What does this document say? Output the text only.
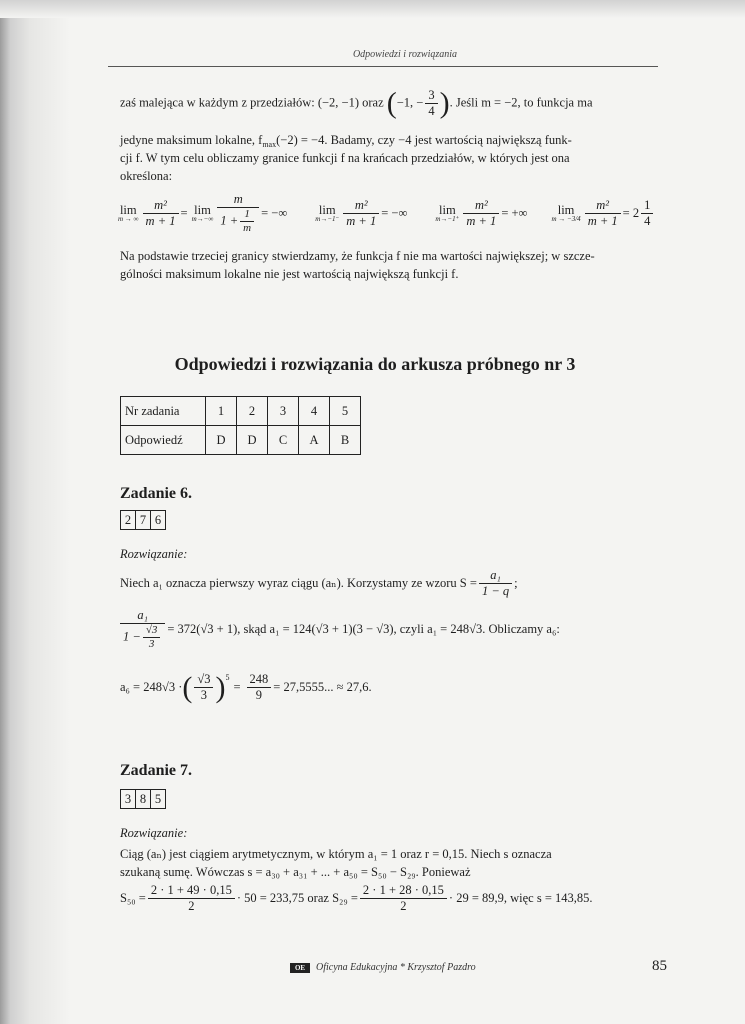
Odpowiedzi i rozwiązania
zaś malejąca w każdym z przedziałów: (−2, −1) oraz (−1, − $\frac{3}{4}$ ). Jeśli m = −2, to funkcja ma
jedyne maksimum lokalne, $f_{max}(-2) = -4$. Badamy, czy −4 jest wartością największą funk-
cji f. W tym celu obliczamy granice funkcji f na krańcach przedziałów, w których jest ona
określona:
lim
m → ∞ $\frac{\text{m²}}{m + 1} = \lim$
$m\to-\infty \frac{m}{1 + \frac{1}{m}}$ = −∞	lim
$m\to-1^- \frac{\text{m²}}{m + 1}$ = −∞	lim
$m\to-1^+ \frac{\text{m²}}{m + 1}$ = +∞	lim
$m \to -3/4 \frac{\text{m²}}{m + 1} = 2 \frac{1}{4}$
Na podstawie trzeciej granicy stwierdzamy, że funkcja f nie ma wartości największej; w szcze-
gólności maksimum lokalne nie jest wartością największą funkcji f.
Odpowiedzi i rozwiązania do arkusza próbnego nr 3
Nr zadania	1	2	3	4	5
Odpowiedź	D	D	C	A	B
Zadanie 6.
2 7 6
Rozwiązanie:
Niech a₁ oznacza pierwszy wyraz ciągu (aₙ). Korzystamy ze wzoru $S = \frac{\text{a₁}}{1 - q}$ ;
$\frac{\text{a₁}}{1 - \frac{√3}{3}} = 372(√3 + 1)$, skąd a₁ = 124(√3 + 1)(3 − √3), czyli a₁ = 248√3. Obliczamy a₆:
a₆ = 248√3 · ( $\frac{√3}{3}$ ) 5
= $\frac{248}{9} = 27,5555$... ≈ 27,6.
Zadanie 7.
3 8 5
Rozwiązanie:
Ciąg (aₙ) jest ciągiem arytmetycznym, w którym a₁ = 1 oraz r = 0,15. Niech s oznacza
szukaną sumę. Wówczas s = a₃₀ + a₃₁ + ... + a₅₀ = S₅₀ − S₂₉. Ponieważ
$S_{50} = \frac{2 \cdot 1 + 49 \cdot 0,15}{2} \cdot 50 = 233,75$ oraz $S_{29} = \frac{2 \cdot 1 + 28 \cdot 0,15}{2} \cdot 29 = 89,9$, więc s = 143,85.
OE	Oficyna Edukacyjna * Krzysztof Pazdro	85
